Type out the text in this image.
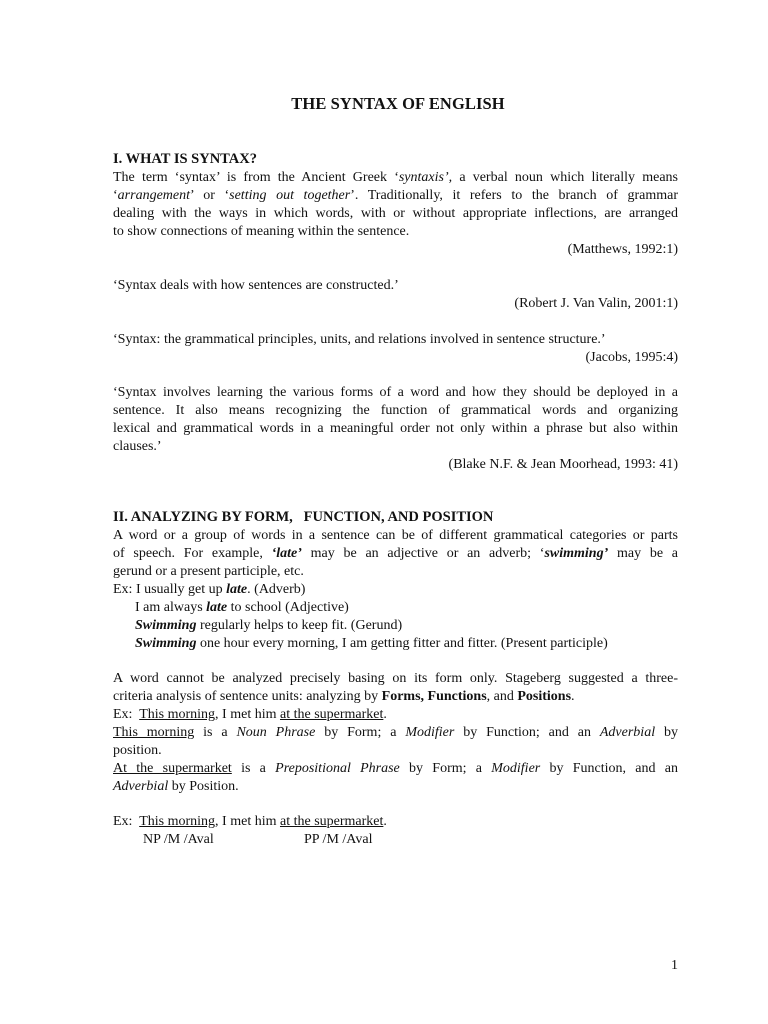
THE SYNTAX OF ENGLISH
I. WHAT IS SYNTAX?
The term ‘syntax’ is from the Ancient Greek ‘syntaxis’, a verbal noun which literally means
‘arrangement’ or ‘setting out together’. Traditionally, it refers to the branch of grammar
dealing with the ways in which words, with or without appropriate inflections, are arranged
to show connections of meaning within the sentence.
(Matthews, 1992:1)
‘Syntax deals with how sentences are constructed.’
(Robert J. Van Valin, 2001:1)
‘Syntax: the grammatical principles, units, and relations involved in sentence structure.’
(Jacobs, 1995:4)
‘Syntax involves learning the various forms of a word and how they should be deployed in a
sentence. It also means recognizing the function of grammatical words and organizing
lexical and grammatical words in a meaningful order not only within a phrase but also within
clauses.’
(Blake N.F. & Jean Moorhead, 1993: 41)
II. ANALYZING BY FORM,   FUNCTION, AND POSITION
A word or a group of words in a sentence can be of different grammatical categories or parts
of speech. For example, ‘late’ may be an adjective or an adverb; ‘swimming’ may be a
gerund or a present participle, etc.
Ex: I usually get up late. (Adverb)
I am always late to school (Adjective)
Swimming regularly helps to keep fit. (Gerund)
Swimming one hour every morning, I am getting fitter and fitter. (Present participle)
A word cannot be analyzed precisely basing on its form only. Stageberg suggested a three-
criteria analysis of sentence units: analyzing by Forms, Functions, and Positions.
Ex:  This morning, I met him at the supermarket.
This morning is a Noun Phrase by Form; a Modifier by Function; and an Adverbial by
position.
At the supermarket is a Prepositional Phrase by Form; a Modifier by Function, and an
Adverbial by Position.
Ex:  This morning, I met him at the supermarket.
NP /M /Aval	PP /M /Aval
1
